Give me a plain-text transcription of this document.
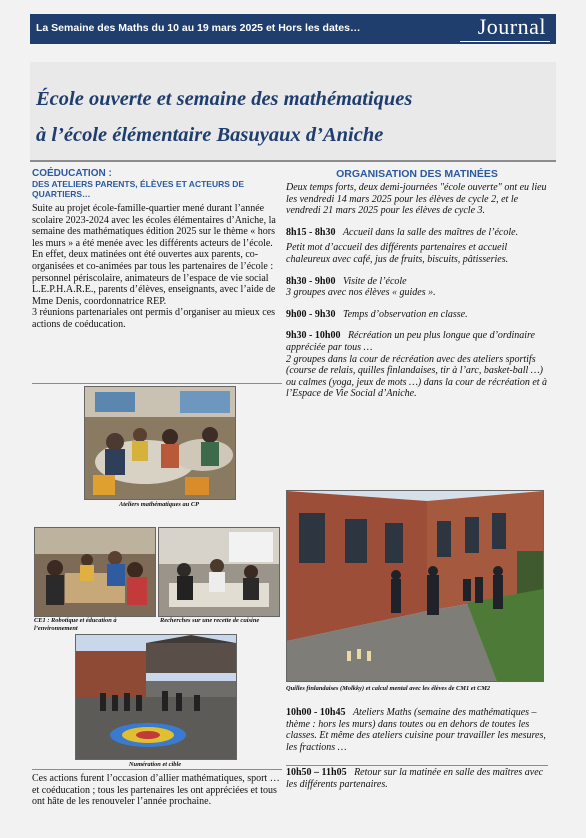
La Semaine des Maths du 10 au 19 mars 2025 et Hors les dates…	Journal
École ouverte et semaine des mathématiques
à l’école élémentaire Basuyaux d’Aniche
COÉDUCATION :
DES ATELIERS PARENTS, ÉLÈVES ET ACTEURS DE QUARTIERS…

Suite au projet école-famille-quartier mené durant l’année scolaire 2023-2024 avec les écoles élémentaires d’Aniche, la semaine des mathématiques édition 2025 sur le thème « hors les murs » a été menée avec les différents acteurs de l’école.

En effet, deux matinées ont été ouvertes aux parents, co-organisées et co-animées par tous les partenaires de l’école : personnel périscolaire, animateurs de l’espace de vie social L.E.P.H.A.R.E., parents d’élèves, enseignants, avec l’aide de Mme Denis, coordonnatrice REP.

3 réunions partenariales ont permis d’organiser au mieux ces actions de coéducation.

Ateliers mathématiques au CP
CE1 : Robotique et éducation à l’environnement
Recherches sur une recette de cuisine
Numération et cible

Ces actions furent l’occasion d’allier mathématiques, sport … et coéducation ; tous les partenaires les ont appréciées et tous ont hâte de les renouveler l’année prochaine.

ORGANISATION DES MATINÉES

Deux temps forts, deux demi-journées "école ouverte" ont eu lieu les vendredi 14 mars 2025 pour les élèves de cycle 2, et le vendredi 21 mars 2025 pour les élèves de cycle 3.

8h15 - 8h30 Accueil dans la salle des maîtres de l’école.

Petit mot d’accueil des différents partenaires et accueil chaleureux avec café, jus de fruits, biscuits, pâtisseries.

8h30 - 9h00 Visite de l’école

3 groupes avec nos élèves « guides ».

9h00 - 9h30 Temps d’observation en classe.

9h30 - 10h00 Récréation un peu plus longue que d’ordinaire appréciée par tous …

2 groupes dans la cour de récréation avec des ateliers sportifs (course de relais, quilles finlandaises, tir à l’arc, basket-ball …) ou calmes (yoga, jeux de mots …) dans la cour de récréation et à l’Espace de Vie Social d’Aniche.

Quilles finlandaises (Molkky) et calcul mental avec les élèves de CM1 et CM2

10h00 - 10h45 Ateliers Maths (semaine des mathématiques – thème : hors les murs) dans toutes ou en dehors de toutes les classes. Et même des ateliers cuisine pour travailler les mesures, les fractions …

10h50 – 11h05 Retour sur la matinée en salle des maîtres avec les différents partenaires.
